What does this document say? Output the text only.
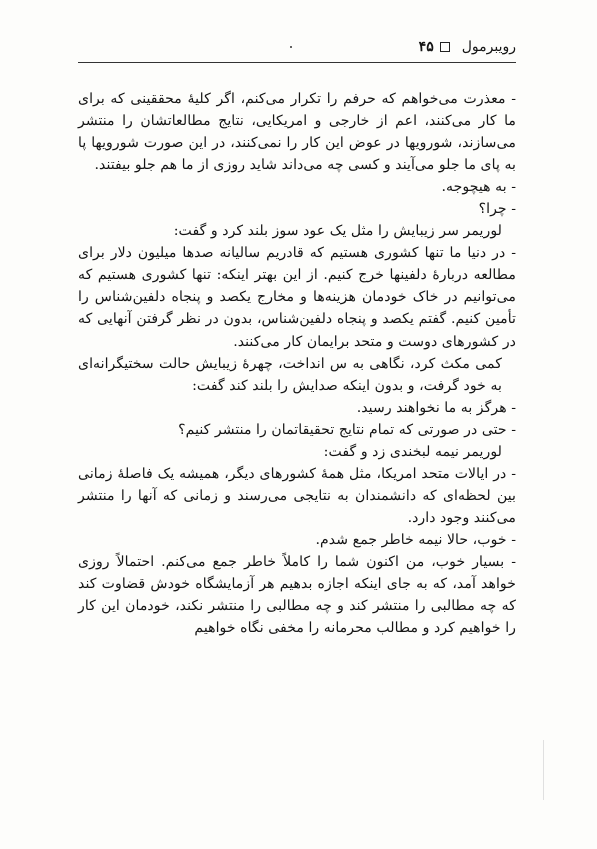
رویبرمول
۴۵

- معذرت می‌خواهم که حرفم را تکرار می‌کنم، اگر کلیهٔ محققینی که برای ما کار می‌کنند، اعم از خارجی و امریکایی، نتایج مطالعاتشان را منتشر می‌سازند، شورویها در عوض این کار را نمی‌کنند، در این صورت شورویها پا به پای ما جلو می‌آیند و کسی چه می‌داند شاید روزی از ما هم جلو بیفتند.

- به هیچوجه.

- چرا؟

لوریمر سر زیبایش را مثل یک عود سوز بلند کرد و گفت:

- در دنیا ما تنها کشوری هستیم که قادریم سالیانه صدها میلیون دلار برای مطالعه دربارهٔ دلفینها خرج کنیم. از این بهتر اینکه: تنها کشوری هستیم که می‌توانیم در خاک خودمان هزینه‌ها و مخارج یکصد و پنجاه دلفین‌شناس را تأمین کنیم. گفتم یکصد و پنجاه دلفین‌شناس، بدون در نظر گرفتن آنهایی که در کشورهای دوست و متحد برایمان کار می‌کنند.

کمی مکث کرد، نگاهی به س انداخت، چهرهٔ زیبایش حالت سختیگرانه‌ای به خود گرفت، و بدون اینکه صدایش را بلند کند گفت:

- هرگز به ما نخواهند رسید.

- حتی در صورتی که تمام نتایج تحقیقاتمان را منتشر کنیم؟

لوریمر نیمه لبخندی زد و گفت:

- در ایالات متحد امریکا، مثل همهٔ کشورهای دیگر، همیشه یک فاصلهٔ زمانی بین لحظه‌ای که دانشمندان به نتایجی می‌رسند و زمانی که آنها را منتشر می‌کنند وجود دارد.

- خوب، حالا نیمه خاطر جمع شدم.

- بسیار خوب، من اکنون شما را کاملاً خاطر جمع می‌کنم. احتمالاً روزی خواهد آمد، که به جای اینکه اجازه بدهیم هر آزمایشگاه خودش قضاوت کند که چه مطالبی را منتشر کند و چه مطالبی را منتشر نکند، خودمان این کار را خواهیم کرد و مطالب محرمانه را مخفی نگاه خواهیم
